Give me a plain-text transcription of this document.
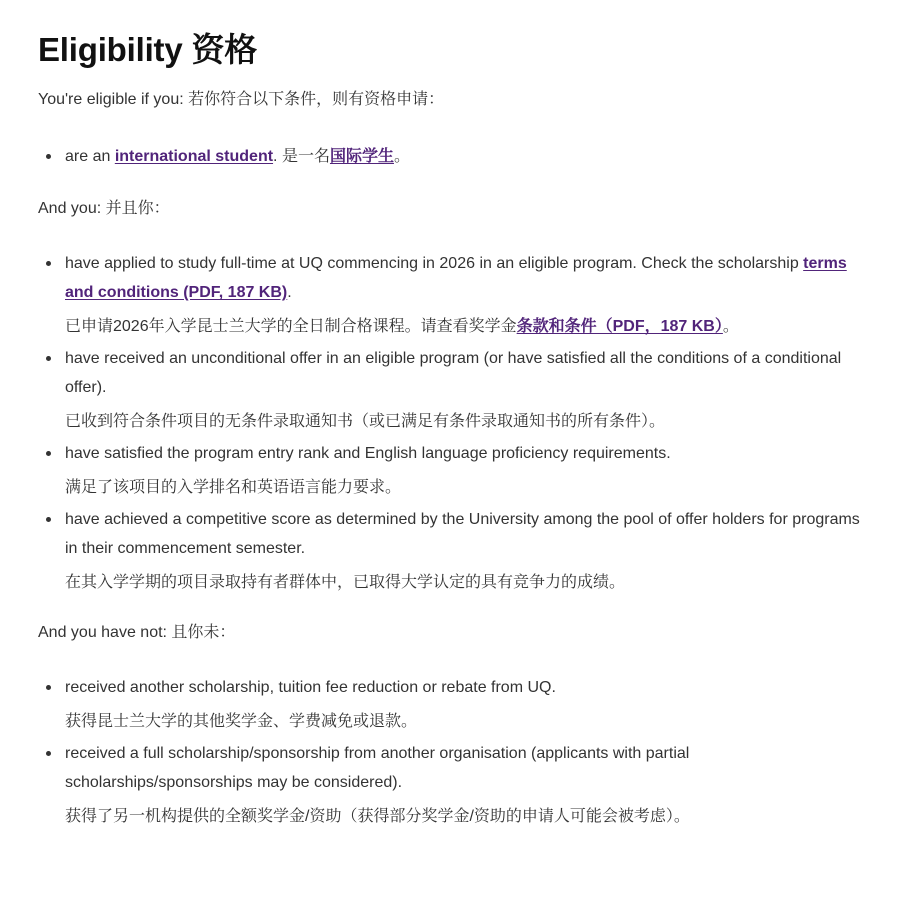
Eligibility 资格

You're eligible if you: 若你符合以下条件，则有资格申请：

are an international student. 是一名国际学生。

And you: 并且你：

have applied to study full-time at UQ commencing in 2026 in an eligible program. Check the scholarship terms and conditions (PDF, 187 KB).

已申请2026年入学昆士兰大学的全日制合格课程。请查看奖学金条款和条件（PDF，187 KB）。

have received an unconditional offer in an eligible program (or have satisfied all the conditions of a conditional offer).

已收到符合条件项目的无条件录取通知书（或已满足有条件录取通知书的所有条件）。

have satisfied the program entry rank and English language proficiency requirements.

满足了该项目的入学排名和英语语言能力要求。

have achieved a competitive score as determined by the University among the pool of offer holders for programs in their commencement semester.

在其入学学期的项目录取持有者群体中，已取得大学认定的具有竞争力的成绩。

And you have not: 且你未：

received another scholarship, tuition fee reduction or rebate from UQ.

获得昆士兰大学的其他奖学金、学费减免或退款。

received a full scholarship/sponsorship from another organisation (applicants with partial scholarships/sponsorships may be considered).

获得了另一机构提供的全额奖学金/资助（获得部分奖学金/资助的申请人可能会被考虑）。
